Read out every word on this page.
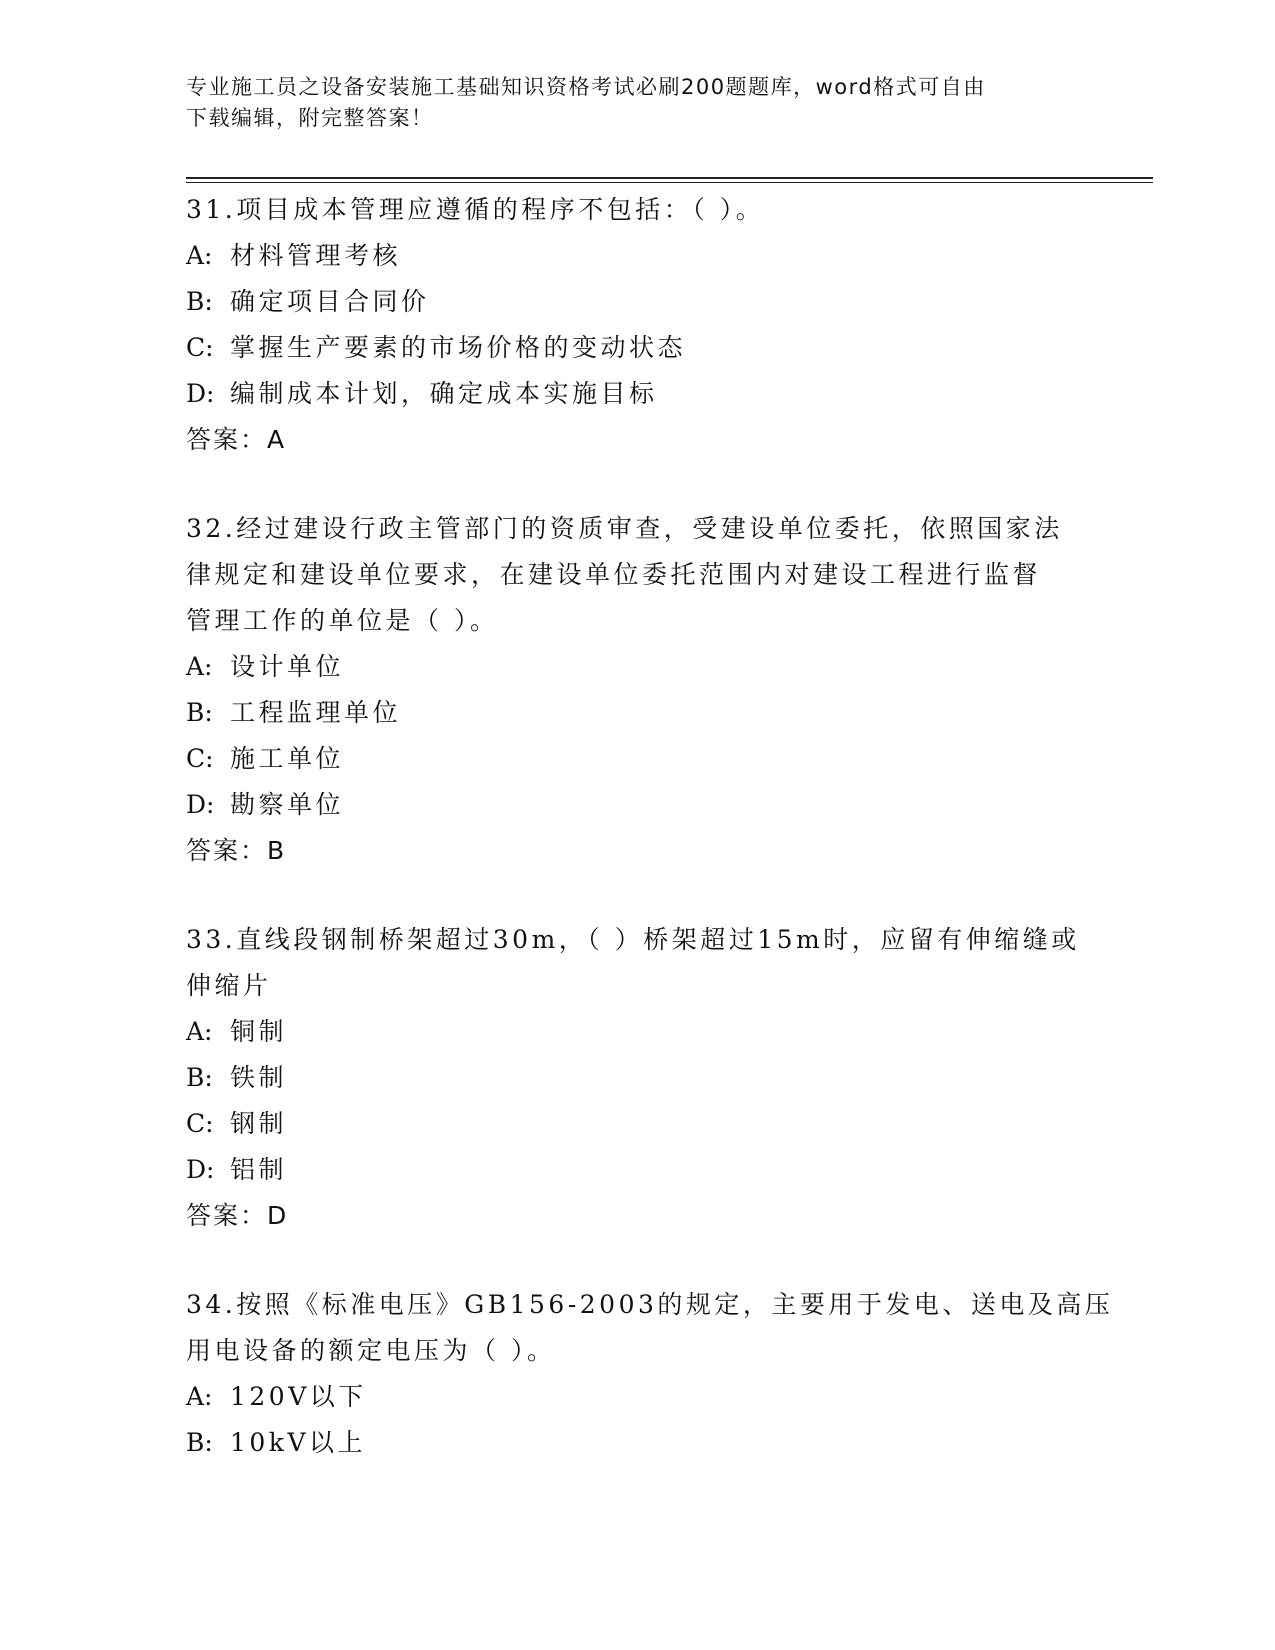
专业施工员之设备安装施工基础知识资格考试必刷200题题库，word格式可自由
下载编辑，附完整答案！
31.项目成本管理应遵循的程序不包括：（ ）。
A: 材料管理考核
B: 确定项目合同价
C: 掌握生产要素的市场价格的变动状态
D: 编制成本计划，确定成本实施目标
答案：A
32.经过建设行政主管部门的资质审查，受建设单位委托，依照国家法
律规定和建设单位要求，在建设单位委托范围内对建设工程进行监督
管理工作的单位是（ ）。
A: 设计单位
B: 工程监理单位
C: 施工单位
D: 勘察单位
答案：B
33.直线段钢制桥架超过30m，（ ）桥架超过15m时，应留有伸缩缝或
伸缩片
A: 铜制
B: 铁制
C: 钢制
D: 铝制
答案：D
34.按照《标准电压》GB156-2003的规定，主要用于发电、送电及高压
用电设备的额定电压为（ ）。
A: 120V以下
B: 10kV以上
